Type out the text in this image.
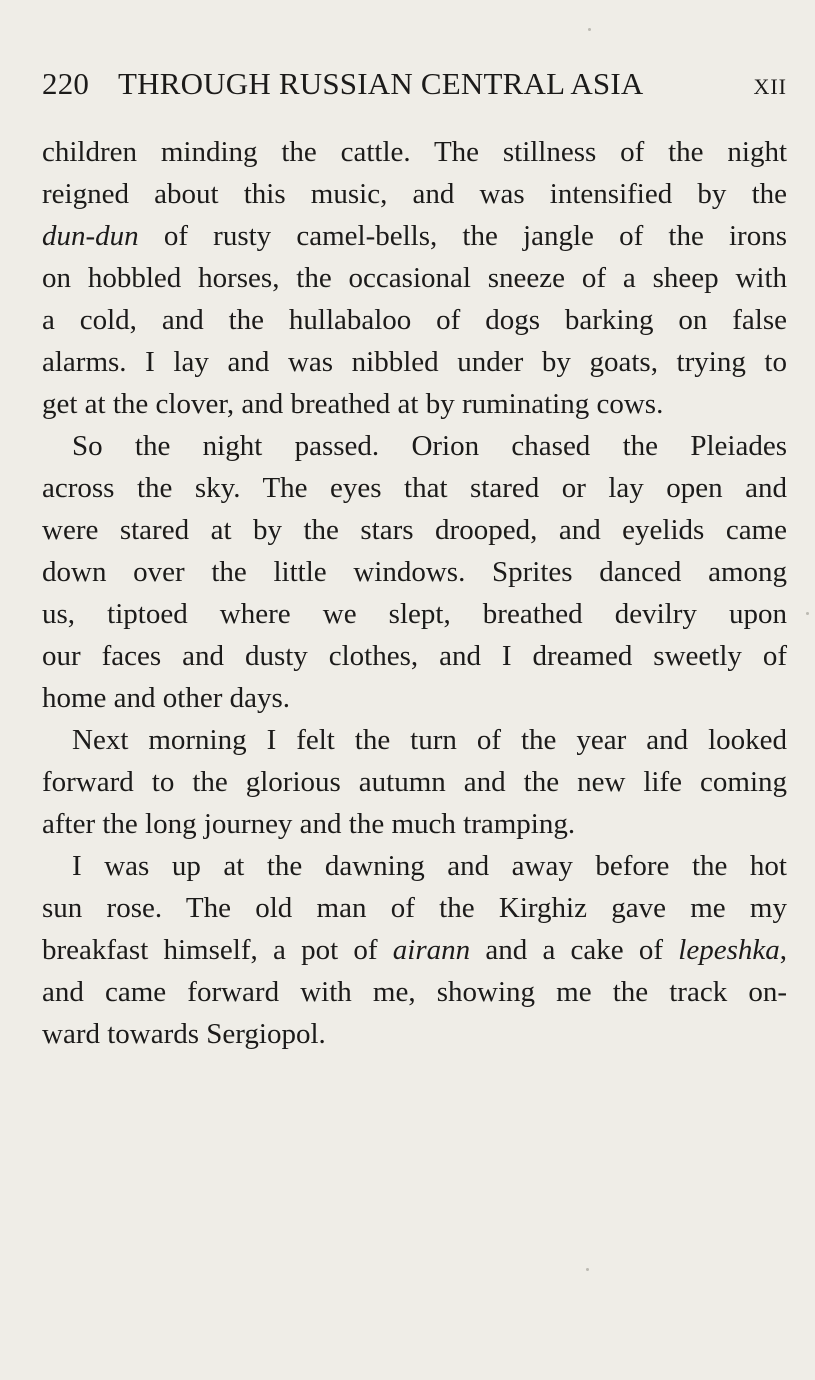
220 THROUGH RUSSIAN CENTRAL ASIA	xii
children minding the cattle. The stillness of the night
reigned about this music, and was intensified by the
dun-dun of rusty camel-bells, the jangle of the irons
on hobbled horses, the occasional sneeze of a sheep with
a cold, and the hullabaloo of dogs barking on false
alarms. I lay and was nibbled under by goats, trying to
get at the clover, and breathed at by ruminating cows.
So the night passed. Orion chased the Pleiades
across the sky. The eyes that stared or lay open and
were stared at by the stars drooped, and eyelids came
down over the little windows. Sprites danced among
us, tiptoed where we slept, breathed devilry upon
our faces and dusty clothes, and I dreamed sweetly of
home and other days.
Next morning I felt the turn of the year and looked
forward to the glorious autumn and the new life coming
after the long journey and the much tramping.
I was up at the dawning and away before the hot
sun rose. The old man of the Kirghiz gave me my
breakfast himself, a pot of airann and a cake of lepeshka,
and came forward with me, showing me the track on-
ward towards Sergiopol.
